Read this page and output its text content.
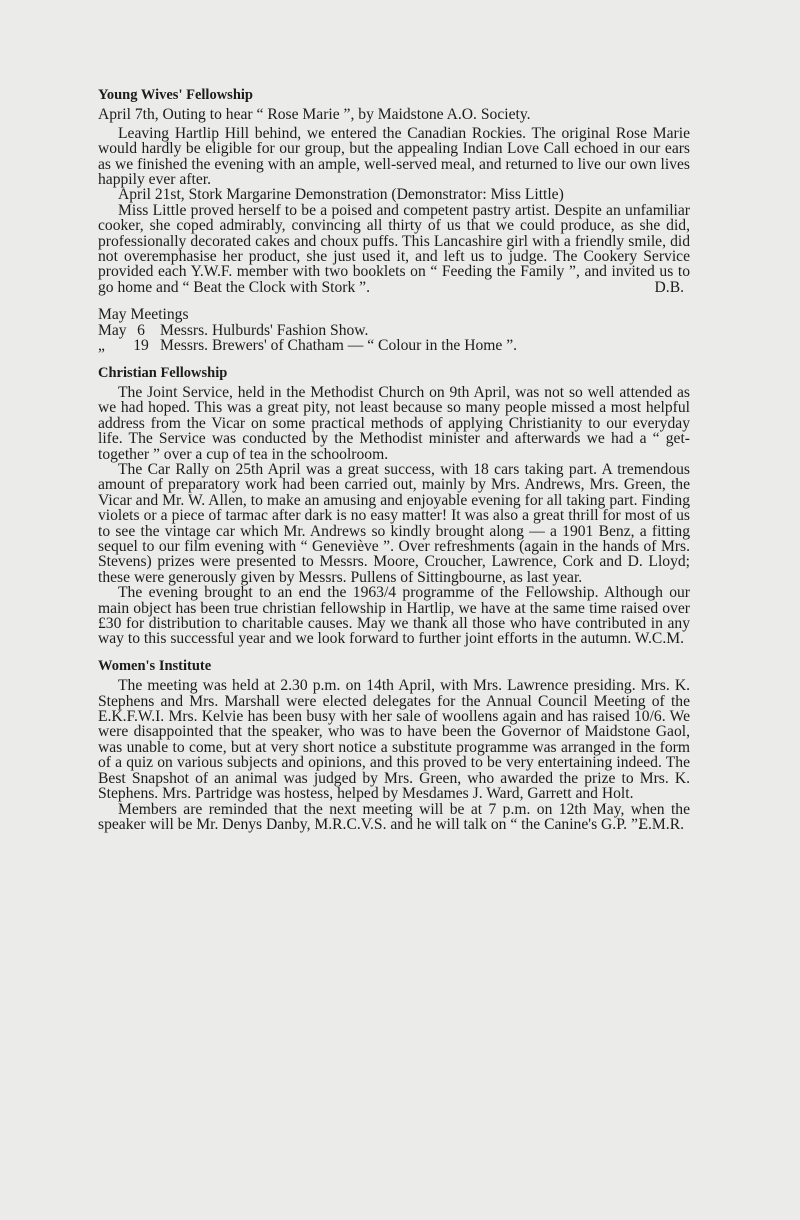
Young Wives' Fellowship

April 7th, Outing to hear “ Rose Marie ”, by Maidstone A.O. Society.

Leaving Hartlip Hill behind, we entered the Canadian Rockies. The original Rose Marie would hardly be eligible for our group, but the appealing Indian Love Call echoed in our ears as we finished the evening with an ample, well-served meal, and returned to live our own lives happily ever after.

April 21st, Stork Margarine Demonstration (Demonstrator: Miss Little)

Miss Little proved herself to be a poised and competent pastry artist. Despite an unfamiliar cooker, she coped admirably, convincing all thirty of us that we could produce, as she did, professionally decorated cakes and choux puffs. This Lancashire girl with a friendly smile, did not overemphasise her product, she just used it, and left us to judge. The Cookery Service provided each Y.W.F. member with two booklets on “ Feeding the Family ”, and invited us to go home and “ Beat the Clock with Stork ”.	D.B.

May Meetings

May 6 Messrs. Hulburds' Fashion Show.
„	19 Messrs. Brewers' of Chatham — “ Colour in the Home ”.
Christian Fellowship

The Joint Service, held in the Methodist Church on 9th April, was not so well attended as we had hoped. This was a great pity, not least because so many people missed a most helpful address from the Vicar on some practical methods of applying Christianity to our everyday life. The Service was conducted by the Methodist minister and afterwards we had a “ get-together ” over a cup of tea in the schoolroom.

The Car Rally on 25th April was a great success, with 18 cars taking part. A tremendous amount of preparatory work had been carried out, mainly by Mrs. Andrews, Mrs. Green, the Vicar and Mr. W. Allen, to make an amusing and enjoyable evening for all taking part. Finding violets or a piece of tarmac after dark is no easy matter! It was also a great thrill for most of us to see the vintage car which Mr. Andrews so kindly brought along — a 1901 Benz, a fitting sequel to our film evening with “ Geneviève ”. Over refreshments (again in the hands of Mrs. Stevens) prizes were presented to Messrs. Moore, Croucher, Lawrence, Cork and D. Lloyd; these were generously given by Messrs. Pullens of Sittingbourne, as last year.

The evening brought to an end the 1963/4 programme of the Fellowship. Although our main object has been true christian fellowship in Hartlip, we have at the same time raised over £30 for distribution to charitable causes. May we thank all those who have contributed in any way to this successful year and we look forward to further joint efforts in the autumn. W.C.M.

Women's Institute

The meeting was held at 2.30 p.m. on 14th April, with Mrs. Lawrence presiding. Mrs. K. Stephens and Mrs. Marshall were elected delegates for the Annual Council Meeting of the E.K.F.W.I. Mrs. Kelvie has been busy with her sale of woollens again and has raised 10/6. We were disappointed that the speaker, who was to have been the Governor of Maidstone Gaol, was unable to come, but at very short notice a substitute programme was arranged in the form of a quiz on various subjects and opinions, and this proved to be very entertaining indeed. The Best Snapshot of an animal was judged by Mrs. Green, who awarded the prize to Mrs. K. Stephens. Mrs. Partridge was hostess, helped by Mesdames J. Ward, Garrett and Holt.

Members are reminded that the next meeting will be at 7 p.m. on 12th May, when the speaker will be Mr. Denys Danby, M.R.C.V.S. and he will talk on “ the Canine's G.P. ”.

E.M.R.
